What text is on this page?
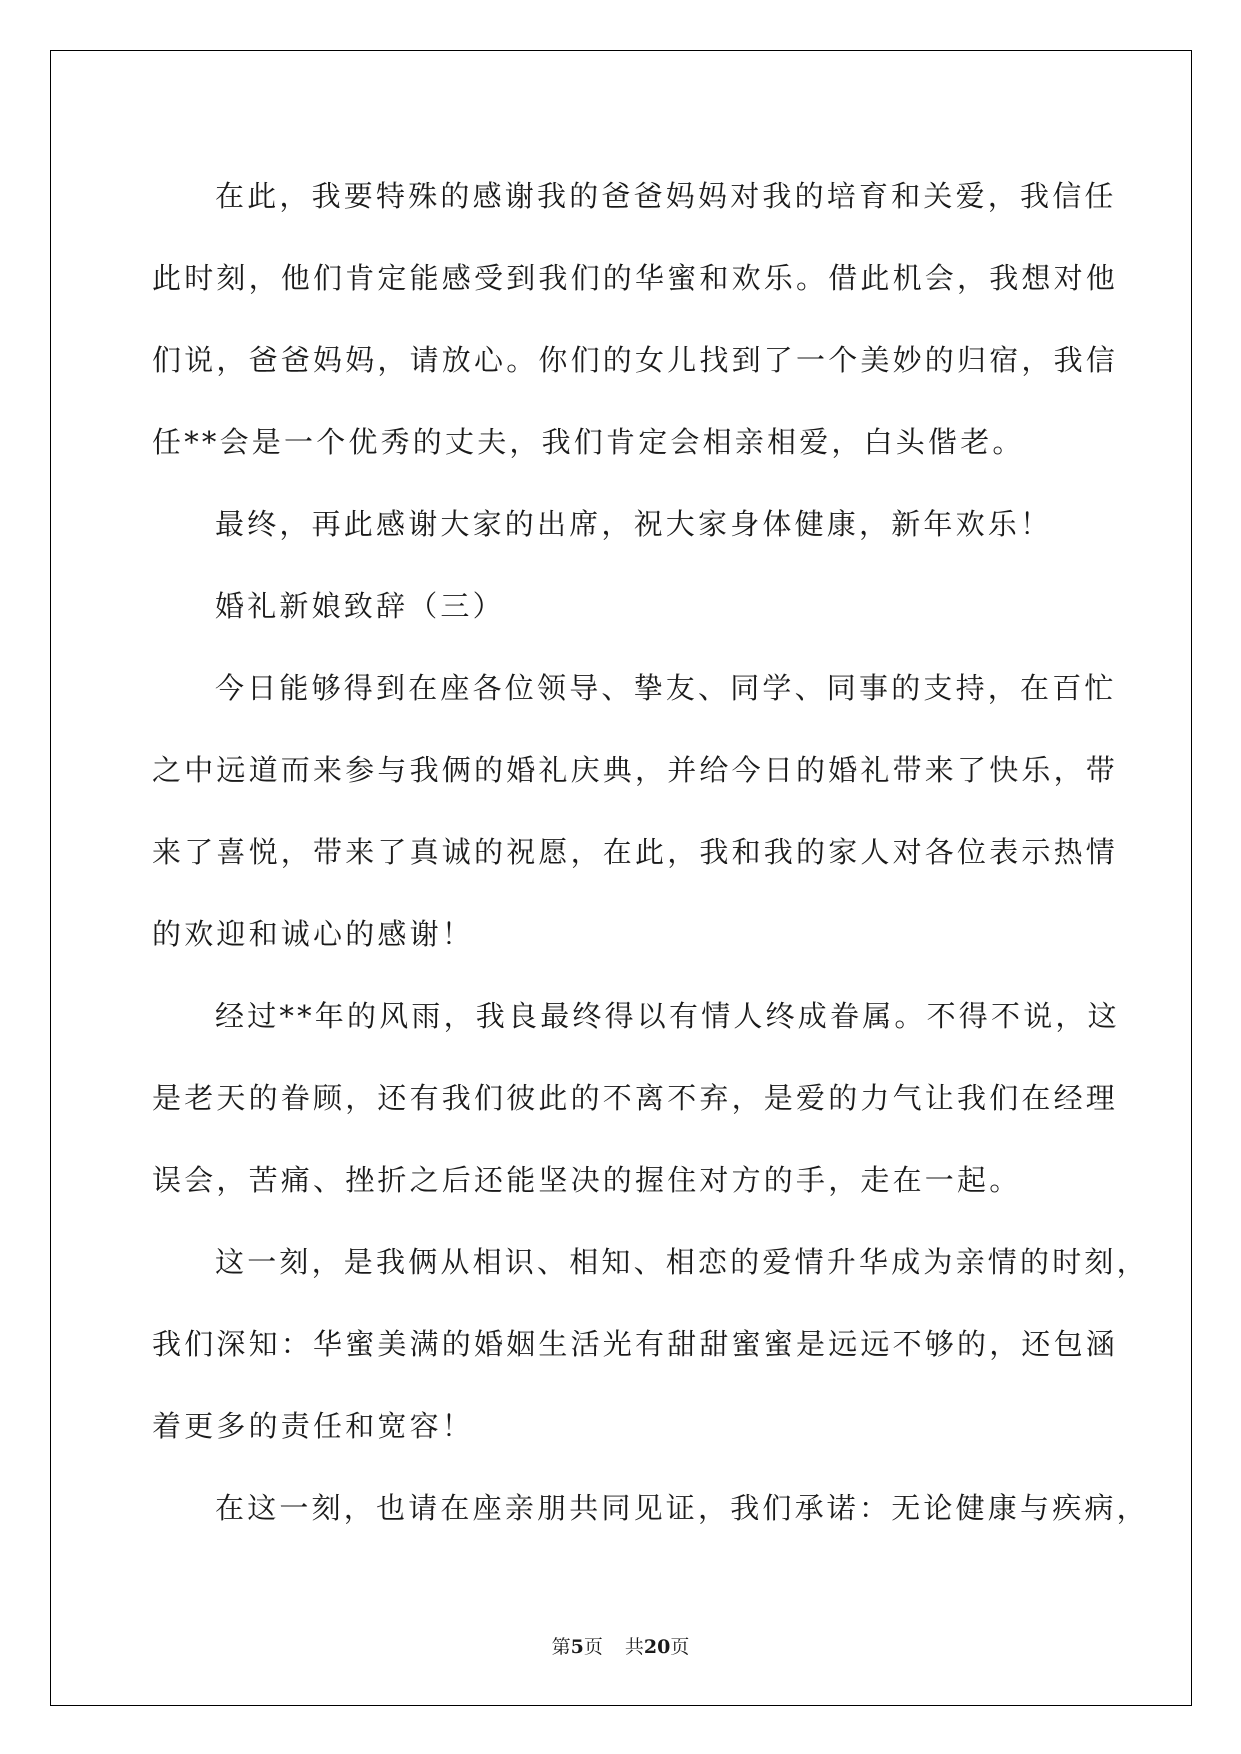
在此，我要特殊的感谢我的爸爸妈妈对我的培育和关爱，我信任
此时刻，他们肯定能感受到我们的华蜜和欢乐。借此机会，我想对他
们说，爸爸妈妈，请放心。你们的女儿找到了一个美妙的归宿，我信
任**会是一个优秀的丈夫，我们肯定会相亲相爱，白头偕老。
最终，再此感谢大家的出席，祝大家身体健康，新年欢乐！
婚礼新娘致辞（三）
今日能够得到在座各位领导、挚友、同学、同事的支持，在百忙
之中远道而来参与我俩的婚礼庆典，并给今日的婚礼带来了快乐，带
来了喜悦，带来了真诚的祝愿，在此，我和我的家人对各位表示热情
的欢迎和诚心的感谢！
经过**年的风雨，我良最终得以有情人终成眷属。不得不说，这
是老天的眷顾，还有我们彼此的不离不弃，是爱的力气让我们在经理
误会，苦痛、挫折之后还能坚决的握住对方的手，走在一起。
这一刻，是我俩从相识、相知、相恋的爱情升华成为亲情的时刻，
我们深知：华蜜美满的婚姻生活光有甜甜蜜蜜是远远不够的，还包涵
着更多的责任和宽容！
在这一刻，也请在座亲朋共同见证，我们承诺：无论健康与疾病，
第5页 共20页
